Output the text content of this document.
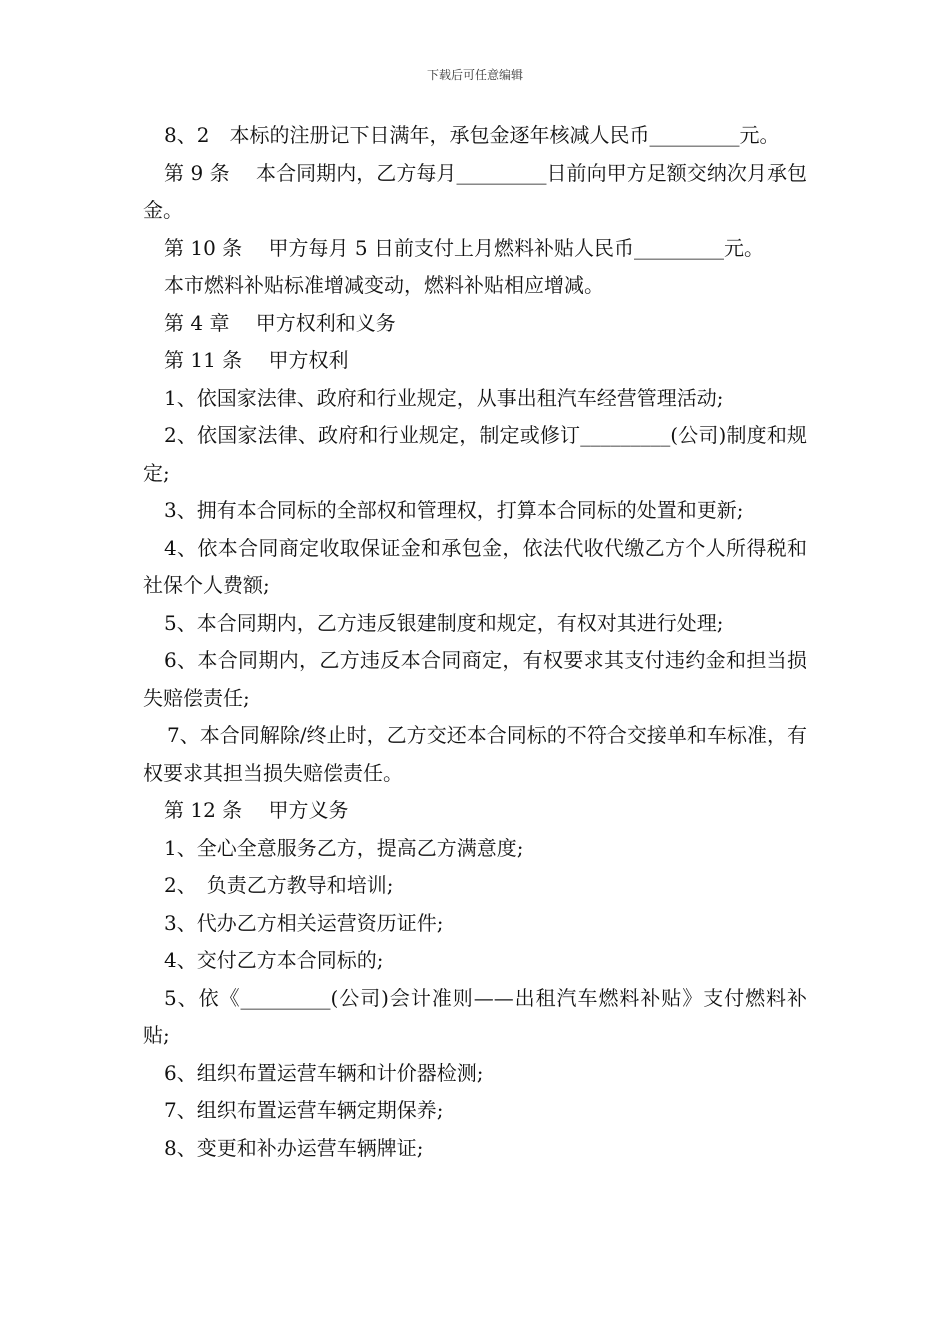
下载后可任意编辑

8、2　本标的注册记下日满年，承包金逐年核减人民币_________元。

第 9 条　 本合同期内，乙方每月_________日前向甲方足额交纳次月承包金。

第 10 条　 甲方每月 5 日前支付上月燃料补贴人民币_________元。

本市燃料补贴标准增减变动，燃料补贴相应增减。

第 4 章　 甲方权利和义务

第 11 条　 甲方权利

1、依国家法律、政府和行业规定，从事出租汽车经营管理活动;

2、依国家法律、政府和行业规定，制定或修订_________(公司)制度和规定;

3、拥有本合同标的全部权和管理权，打算本合同标的处置和更新;

4、依本合同商定收取保证金和承包金，依法代收代缴乙方个人所得税和社保个人费额;

5、本合同期内，乙方违反银建制度和规定，有权对其进行处理;

6、本合同期内，乙方违反本合同商定，有权要求其支付违约金和担当损失赔偿责任;

7、本合同解除/终止时，乙方交还本合同标的不符合交接单和车标准，有权要求其担当损失赔偿责任。

第 12 条　 甲方义务

1、全心全意服务乙方，提高乙方满意度;

2、　负责乙方教导和培训;

3、代办乙方相关运营资历证件;

4、交付乙方本合同标的;

5、依《_________(公司)会计准则——出租汽车燃料补贴》支付燃料补贴;

6、组织布置运营车辆和计价器检测;

7、组织布置运营车辆定期保养;

8、变更和补办运营车辆牌证;
